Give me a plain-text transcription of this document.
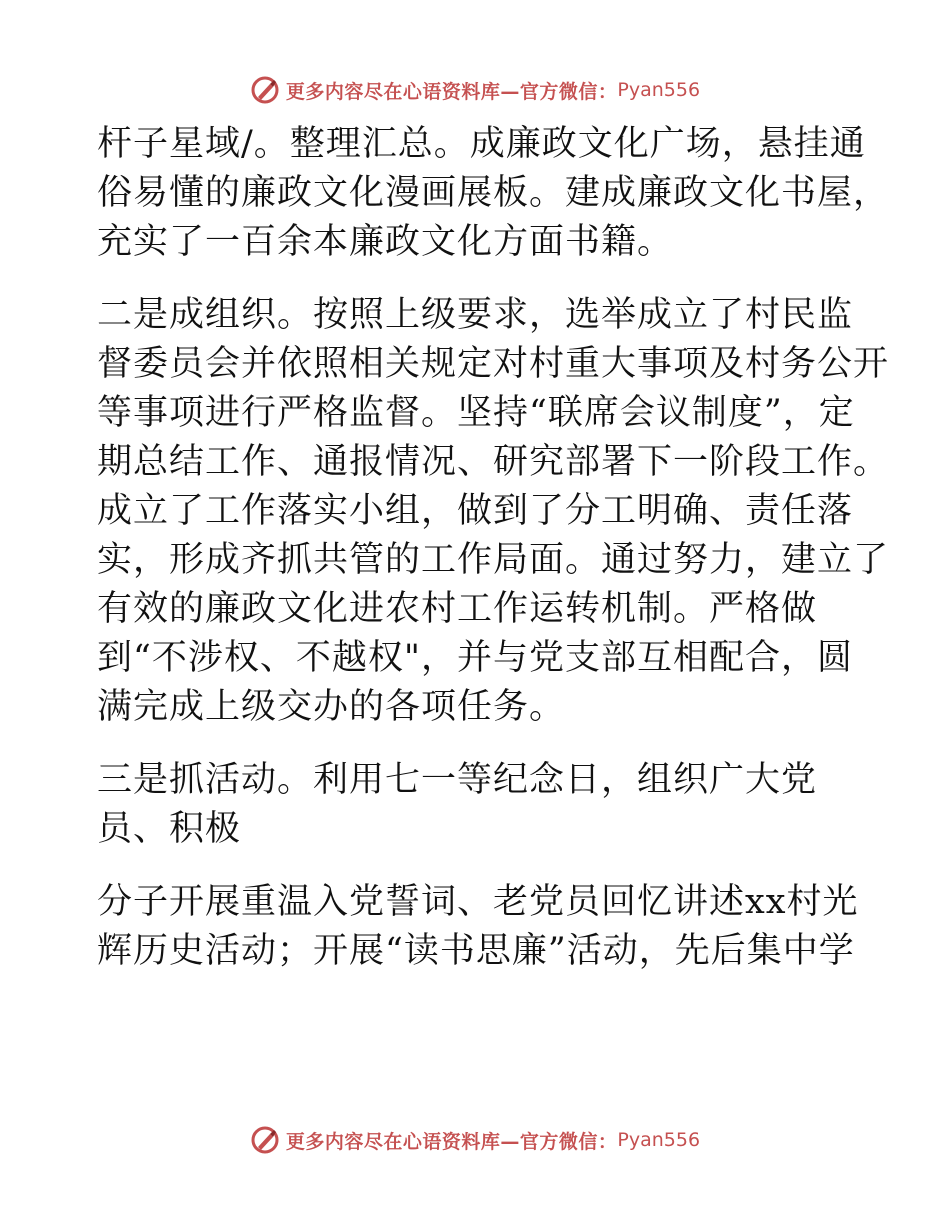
更多内容尽在心语资料库—官方微信： Pyan556
杆子星域/。整理汇总。成廉政文化广场，悬挂通
俗易懂的廉政文化漫画展板。建成廉政文化书屋，
充实了一百余本廉政文化方面书籍。
二是成组织。按照上级要求，选举成立了村民监
督委员会并依照相关规定对村重大事项及村务公开
等事项进行严格监督。坚持“联席会议制度”，定
期总结工作、通报情况、研究部署下一阶段工作。
成立了工作落实小组，做到了分工明确、责任落
实，形成齐抓共管的工作局面。通过努力，建立了
有效的廉政文化进农村工作运转机制。严格做
到“不涉权、不越权"，并与党支部互相配合，圆
满完成上级交办的各项任务。
三是抓活动。利用七一等纪念日，组织广大党
员、积极
分子开展重温入党誓词、老党员回忆讲述xx村光
辉历史活动；开展“读书思廉”活动，先后集中学
更多内容尽在心语资料库—官方微信： Pyan556
